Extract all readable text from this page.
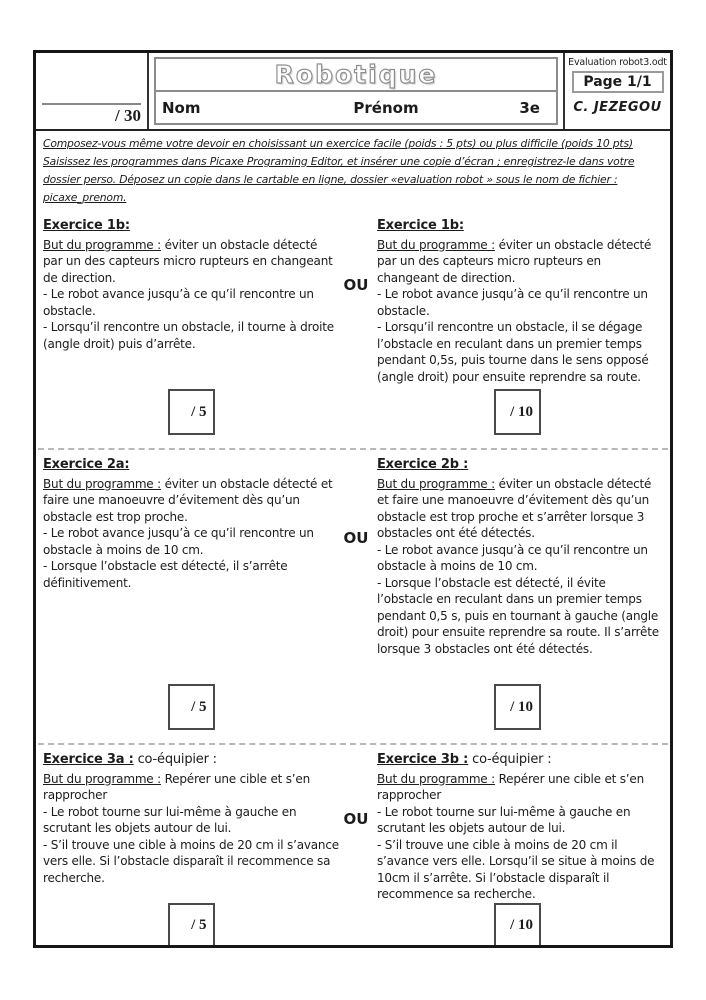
/ 30
Robotique
Nom	Prénom	3e
Evaluation robot3.odt
Page 1/1
C. JEZEGOU
Composez-vous même votre devoir en choisissant un exercice facile (poids : 5 pts) ou plus difficile (poids 10 pts)
Saisissez les programmes dans Picaxe Programing Editor, et insérer une copie d’écran ; enregistrez-le dans votre
dossier perso. Déposez un copie dans le cartable en ligne, dossier «evaluation robot » sous le nom de fichier :
picaxe_prenom.
Exercice 1b:
But du programme : éviter un obstacle détecté par un des capteurs micro rupteurs en changeant de direction.
- Le robot avance jusqu’à ce qu’il rencontre un obstacle.
- Lorsqu’il rencontre un obstacle, il tourne à droite (angle droit) puis d’arrête.
OU
Exercice 1b:
But du programme : éviter un obstacle détecté par un des capteurs micro rupteurs en changeant de direction.
- Le robot avance jusqu’à ce qu’il rencontre un obstacle.
- Lorsqu’il rencontre un obstacle, il se dégage l’obstacle en reculant dans un premier temps pendant 0,5s, puis tourne dans le sens opposé (angle droit) pour ensuite reprendre sa route.
/ 5	/ 10
Exercice 2a:
But du programme : éviter un obstacle détecté et faire une manoeuvre d’évitement dès qu’un obstacle est trop proche.
- Le robot avance jusqu’à ce qu’il rencontre un obstacle à moins de 10 cm.
- Lorsque l’obstacle est détecté, il s’arrête définitivement.
OU
Exercice 2b :
But du programme : éviter un obstacle détecté et faire une manoeuvre d’évitement dès qu’un obstacle est trop proche et s’arrêter lorsque 3 obstacles ont été détectés.
- Le robot avance jusqu’à ce qu’il rencontre un obstacle à moins de 10 cm.
- Lorsque l’obstacle est détecté, il évite l’obstacle en reculant dans un premier temps pendant 0,5 s, puis en tournant à gauche (angle droit) pour ensuite reprendre sa route. Il s’arrête lorsque 3 obstacles ont été détectés.
/ 5	/ 10
Exercice 3a : co-équipier :
But du programme : Repérer une cible et s’en rapprocher
- Le robot tourne sur lui-même à gauche en scrutant les objets autour de lui.
- S’il trouve une cible à moins de 20 cm il s’avance vers elle. Si l’obstacle disparaît il recommence sa recherche.
OU
Exercice 3b : co-équipier :
But du programme : Repérer une cible et s’en rapprocher
- Le robot tourne sur lui-même à gauche en scrutant les objets autour de lui.
- S’il trouve une cible à moins de 20 cm il s’avance vers elle. Lorsqu’il se situe à moins de 10cm il s’arrête. Si l’obstacle disparaît il recommence sa recherche.
/ 5	/ 10
